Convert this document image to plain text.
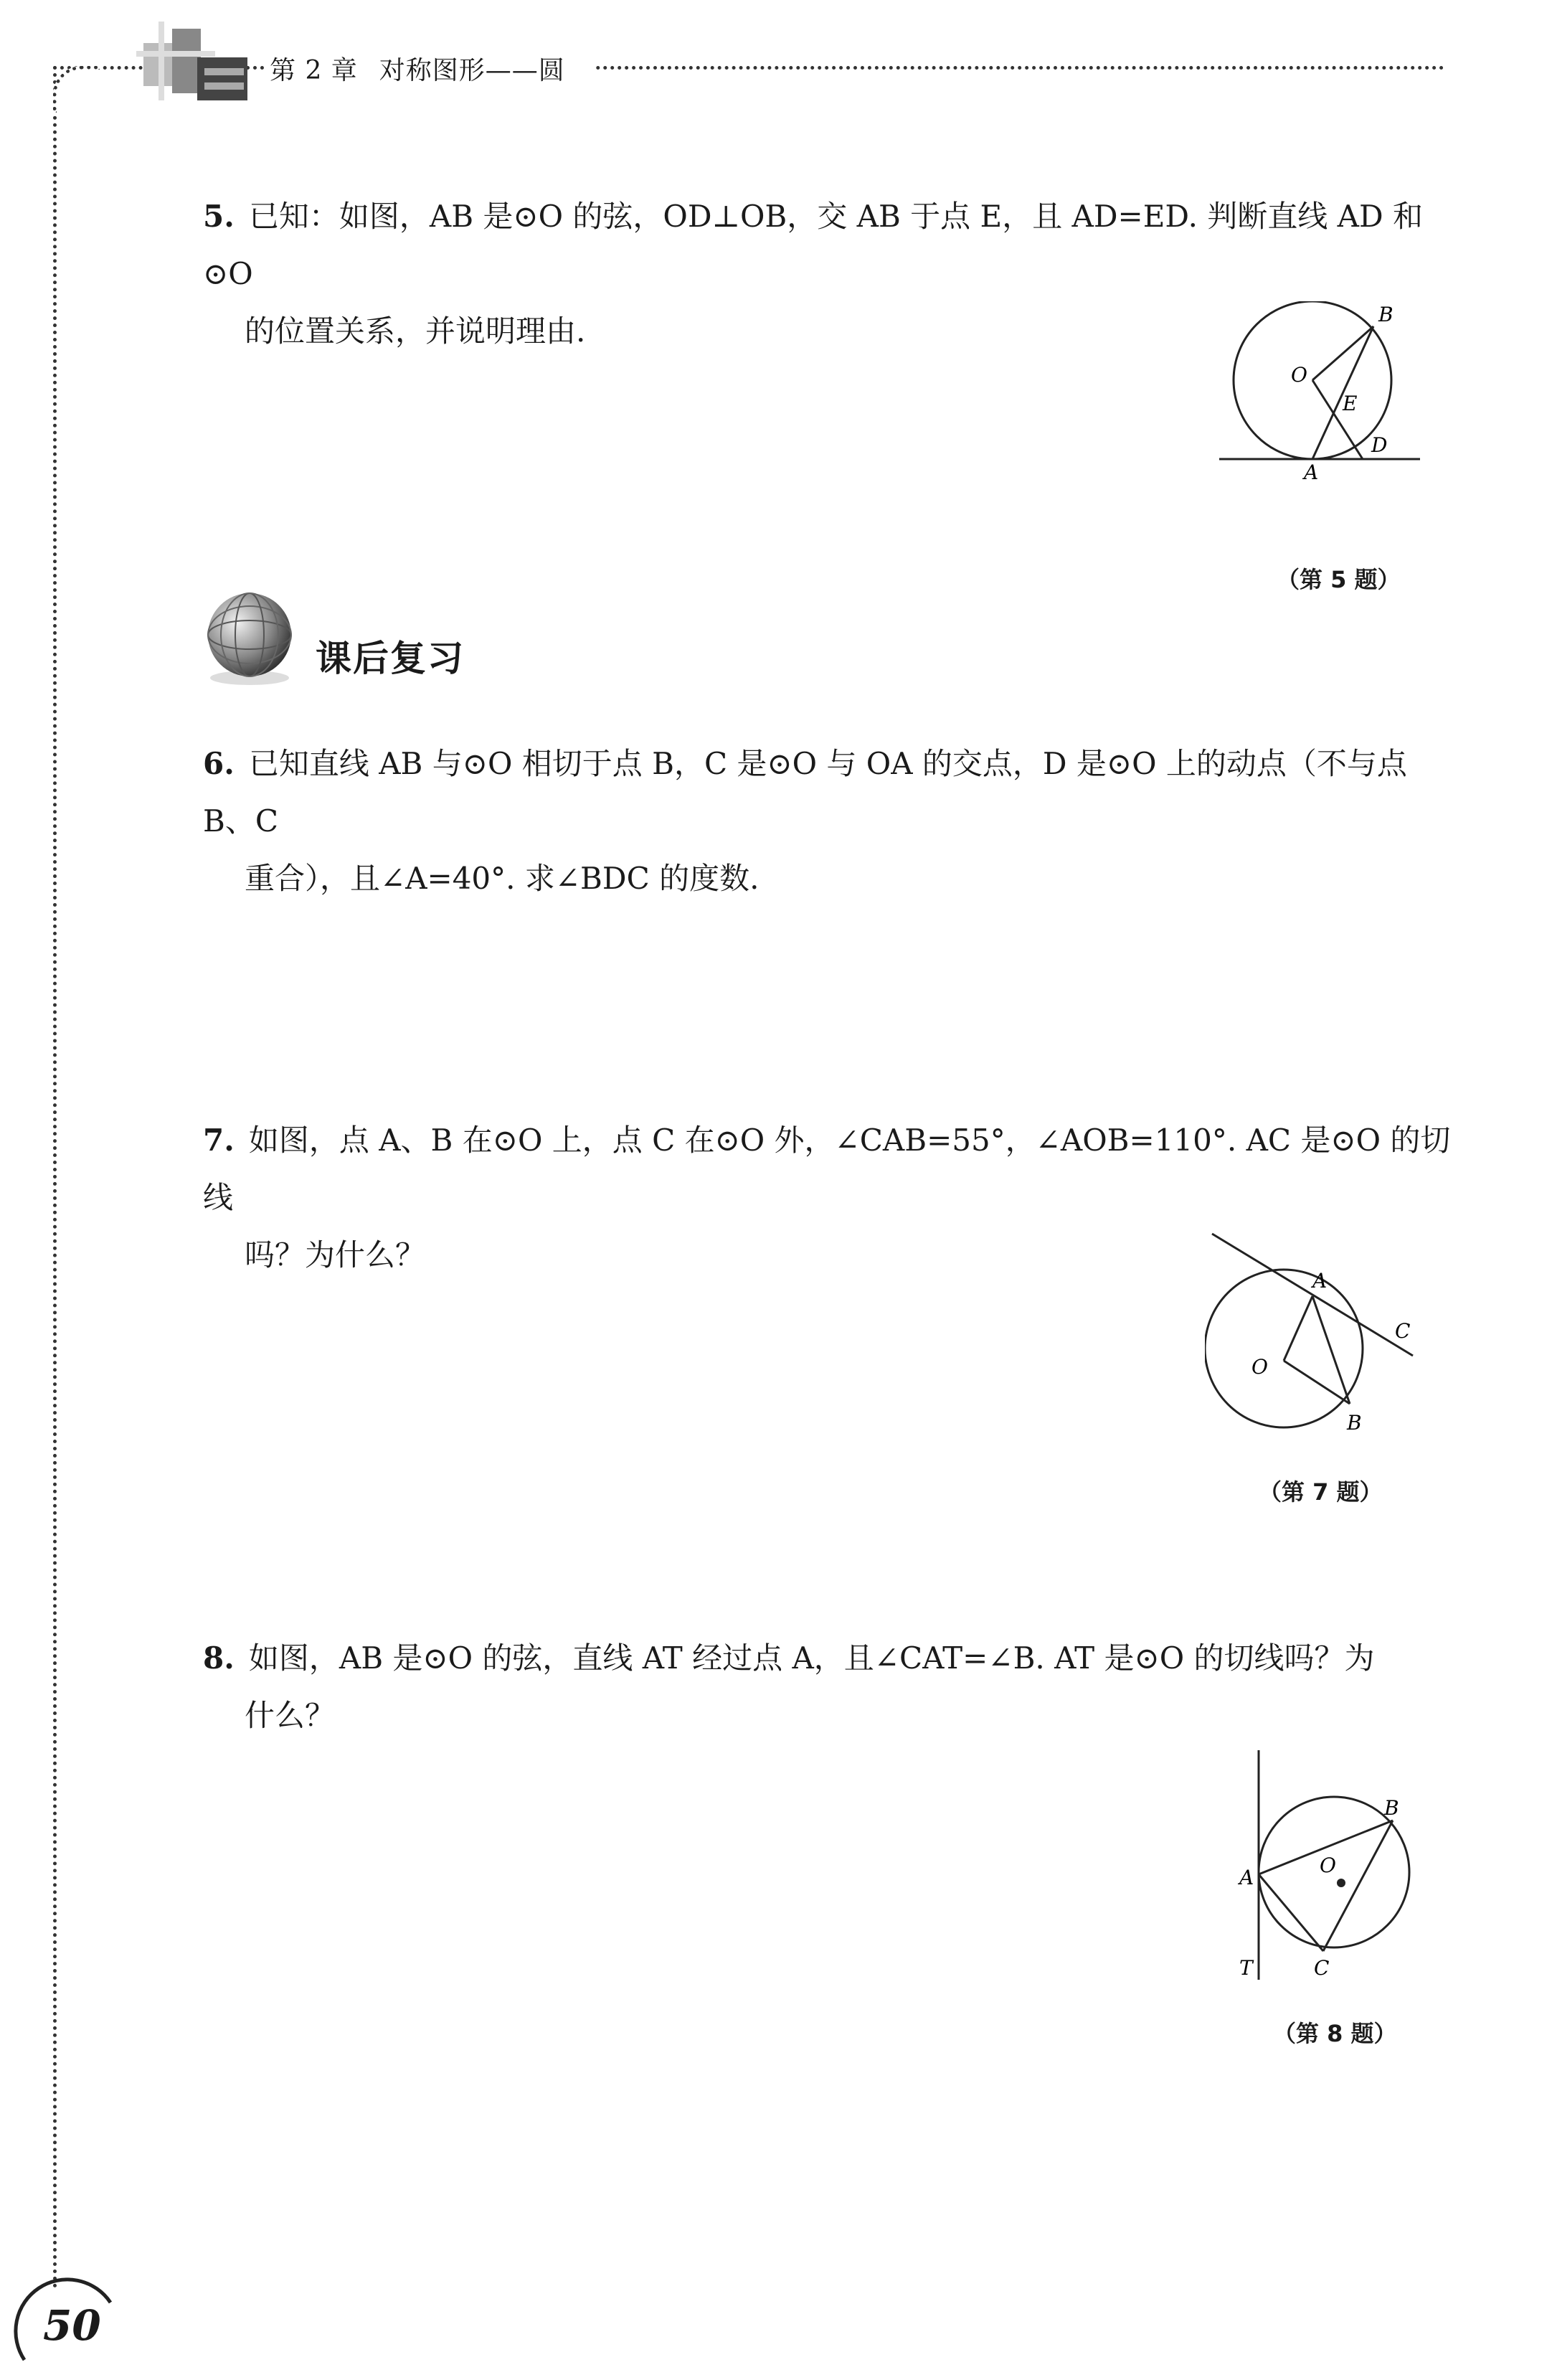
第 2 章 对称图形——圆
5. 已知：如图，AB 是⊙O 的弦，OD⊥OB，交 AB 于点 E，且 AD=ED. 判断直线 AD 和⊙O
的位置关系，并说明理由.	B
O
E
D
A
（第 5 题）
课后复习
6. 已知直线 AB 与⊙O 相切于点 B，C 是⊙O 与 OA 的交点，D 是⊙O 上的动点（不与点 B、C
重合），且∠A=40°. 求∠BDC 的度数.
7. 如图，点 A、B 在⊙O 上，点 C 在⊙O 外，∠CAB=55°，∠AOB=110°. AC 是⊙O 的切线
吗？为什么？
A
C
O
B
（第 7 题）
8. 如图，AB 是⊙O 的弦，直线 AT 经过点 A，且∠CAT=∠B. AT 是⊙O 的切线吗？为
什么？
B
O
A
T	C
（第 8 题）
50
